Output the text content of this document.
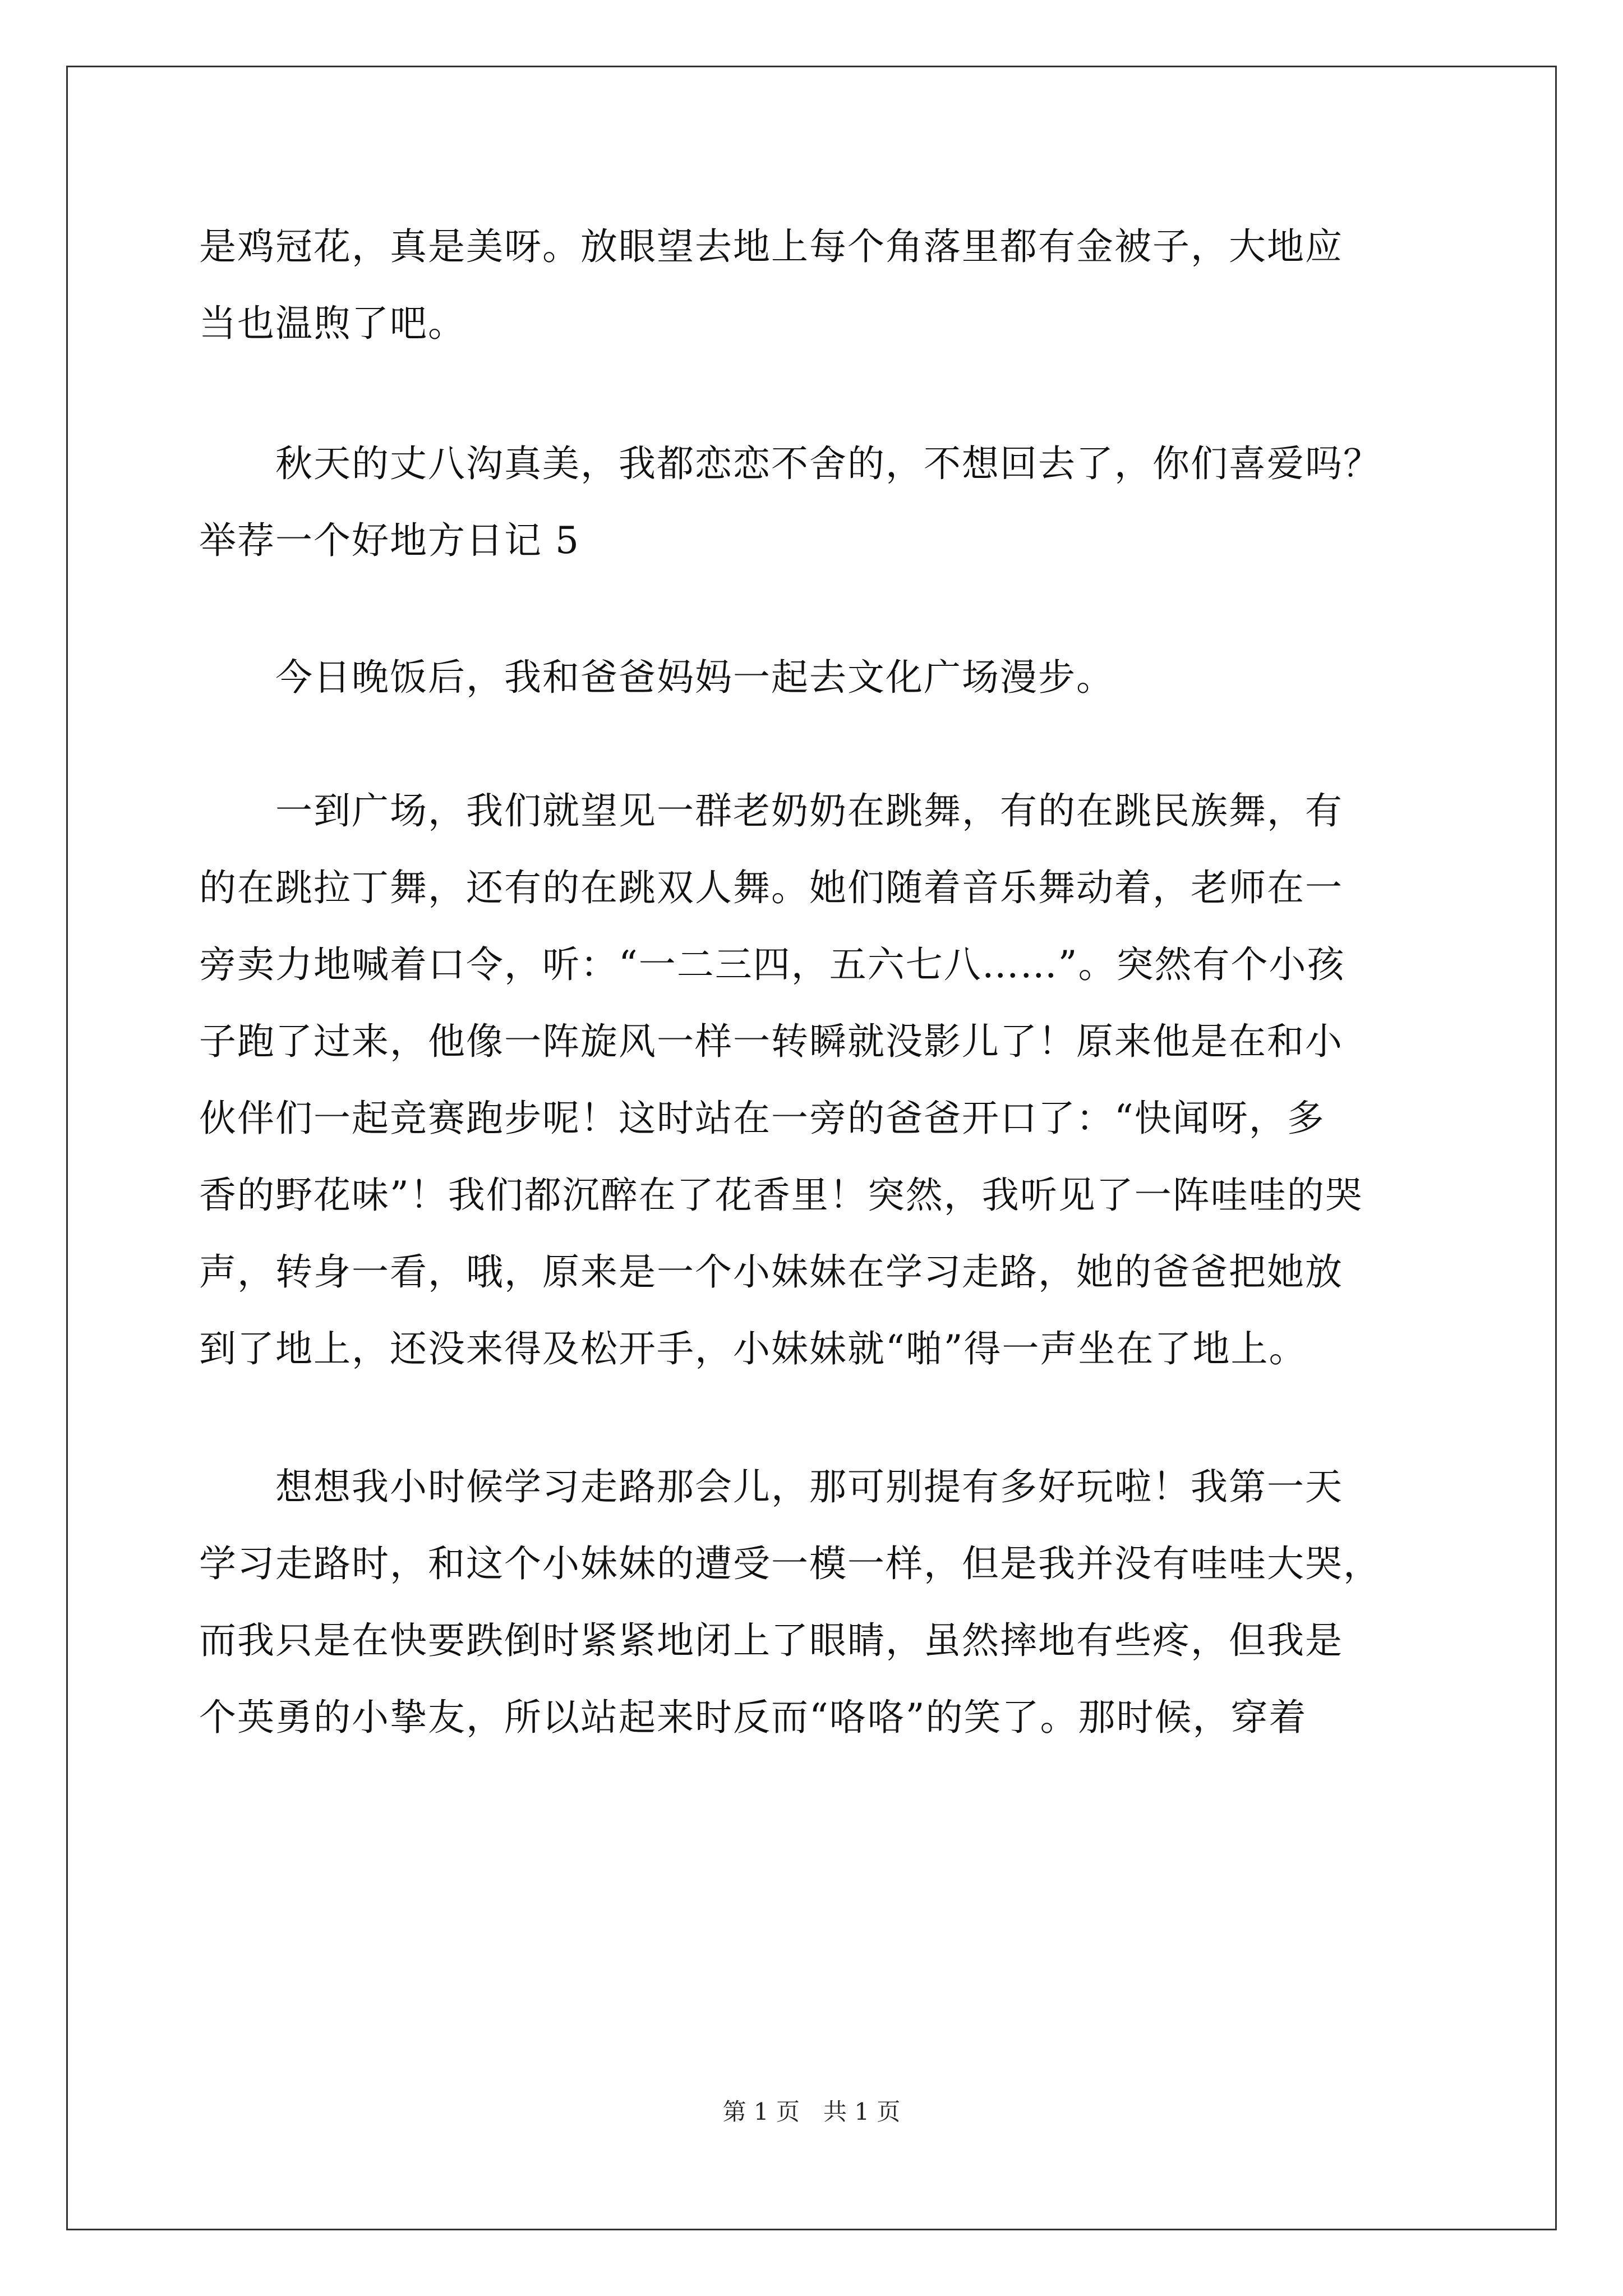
是鸡冠花，真是美呀。放眼望去地上每个角落里都有金被子，大地应
当也温煦了吧。
　　秋天的丈八沟真美，我都恋恋不舍的，不想回去了，你们喜爱吗？
举荐一个好地方日记 5
　　今日晚饭后，我和爸爸妈妈一起去文化广场漫步。
　　一到广场，我们就望见一群老奶奶在跳舞，有的在跳民族舞，有
的在跳拉丁舞，还有的在跳双人舞。她们随着音乐舞动着，老师在一
旁卖力地喊着口令，听：“一二三四，五六七八……”。突然有个小孩
子跑了过来，他像一阵旋风一样一转瞬就没影儿了！原来他是在和小
伙伴们一起竞赛跑步呢！这时站在一旁的爸爸开口了：“快闻呀，多
香的野花味”！我们都沉醉在了花香里！突然，我听见了一阵哇哇的哭
声，转身一看，哦，原来是一个小妹妹在学习走路，她的爸爸把她放
到了地上，还没来得及松开手，小妹妹就“啪”得一声坐在了地上。
　　想想我小时候学习走路那会儿，那可别提有多好玩啦！我第一天
学习走路时，和这个小妹妹的遭受一模一样，但是我并没有哇哇大哭，
而我只是在快要跌倒时紧紧地闭上了眼睛，虽然摔地有些疼，但我是
个英勇的小挚友，所以站起来时反而“咯咯”的笑了。那时候，穿着
第 1 页　共 1 页
